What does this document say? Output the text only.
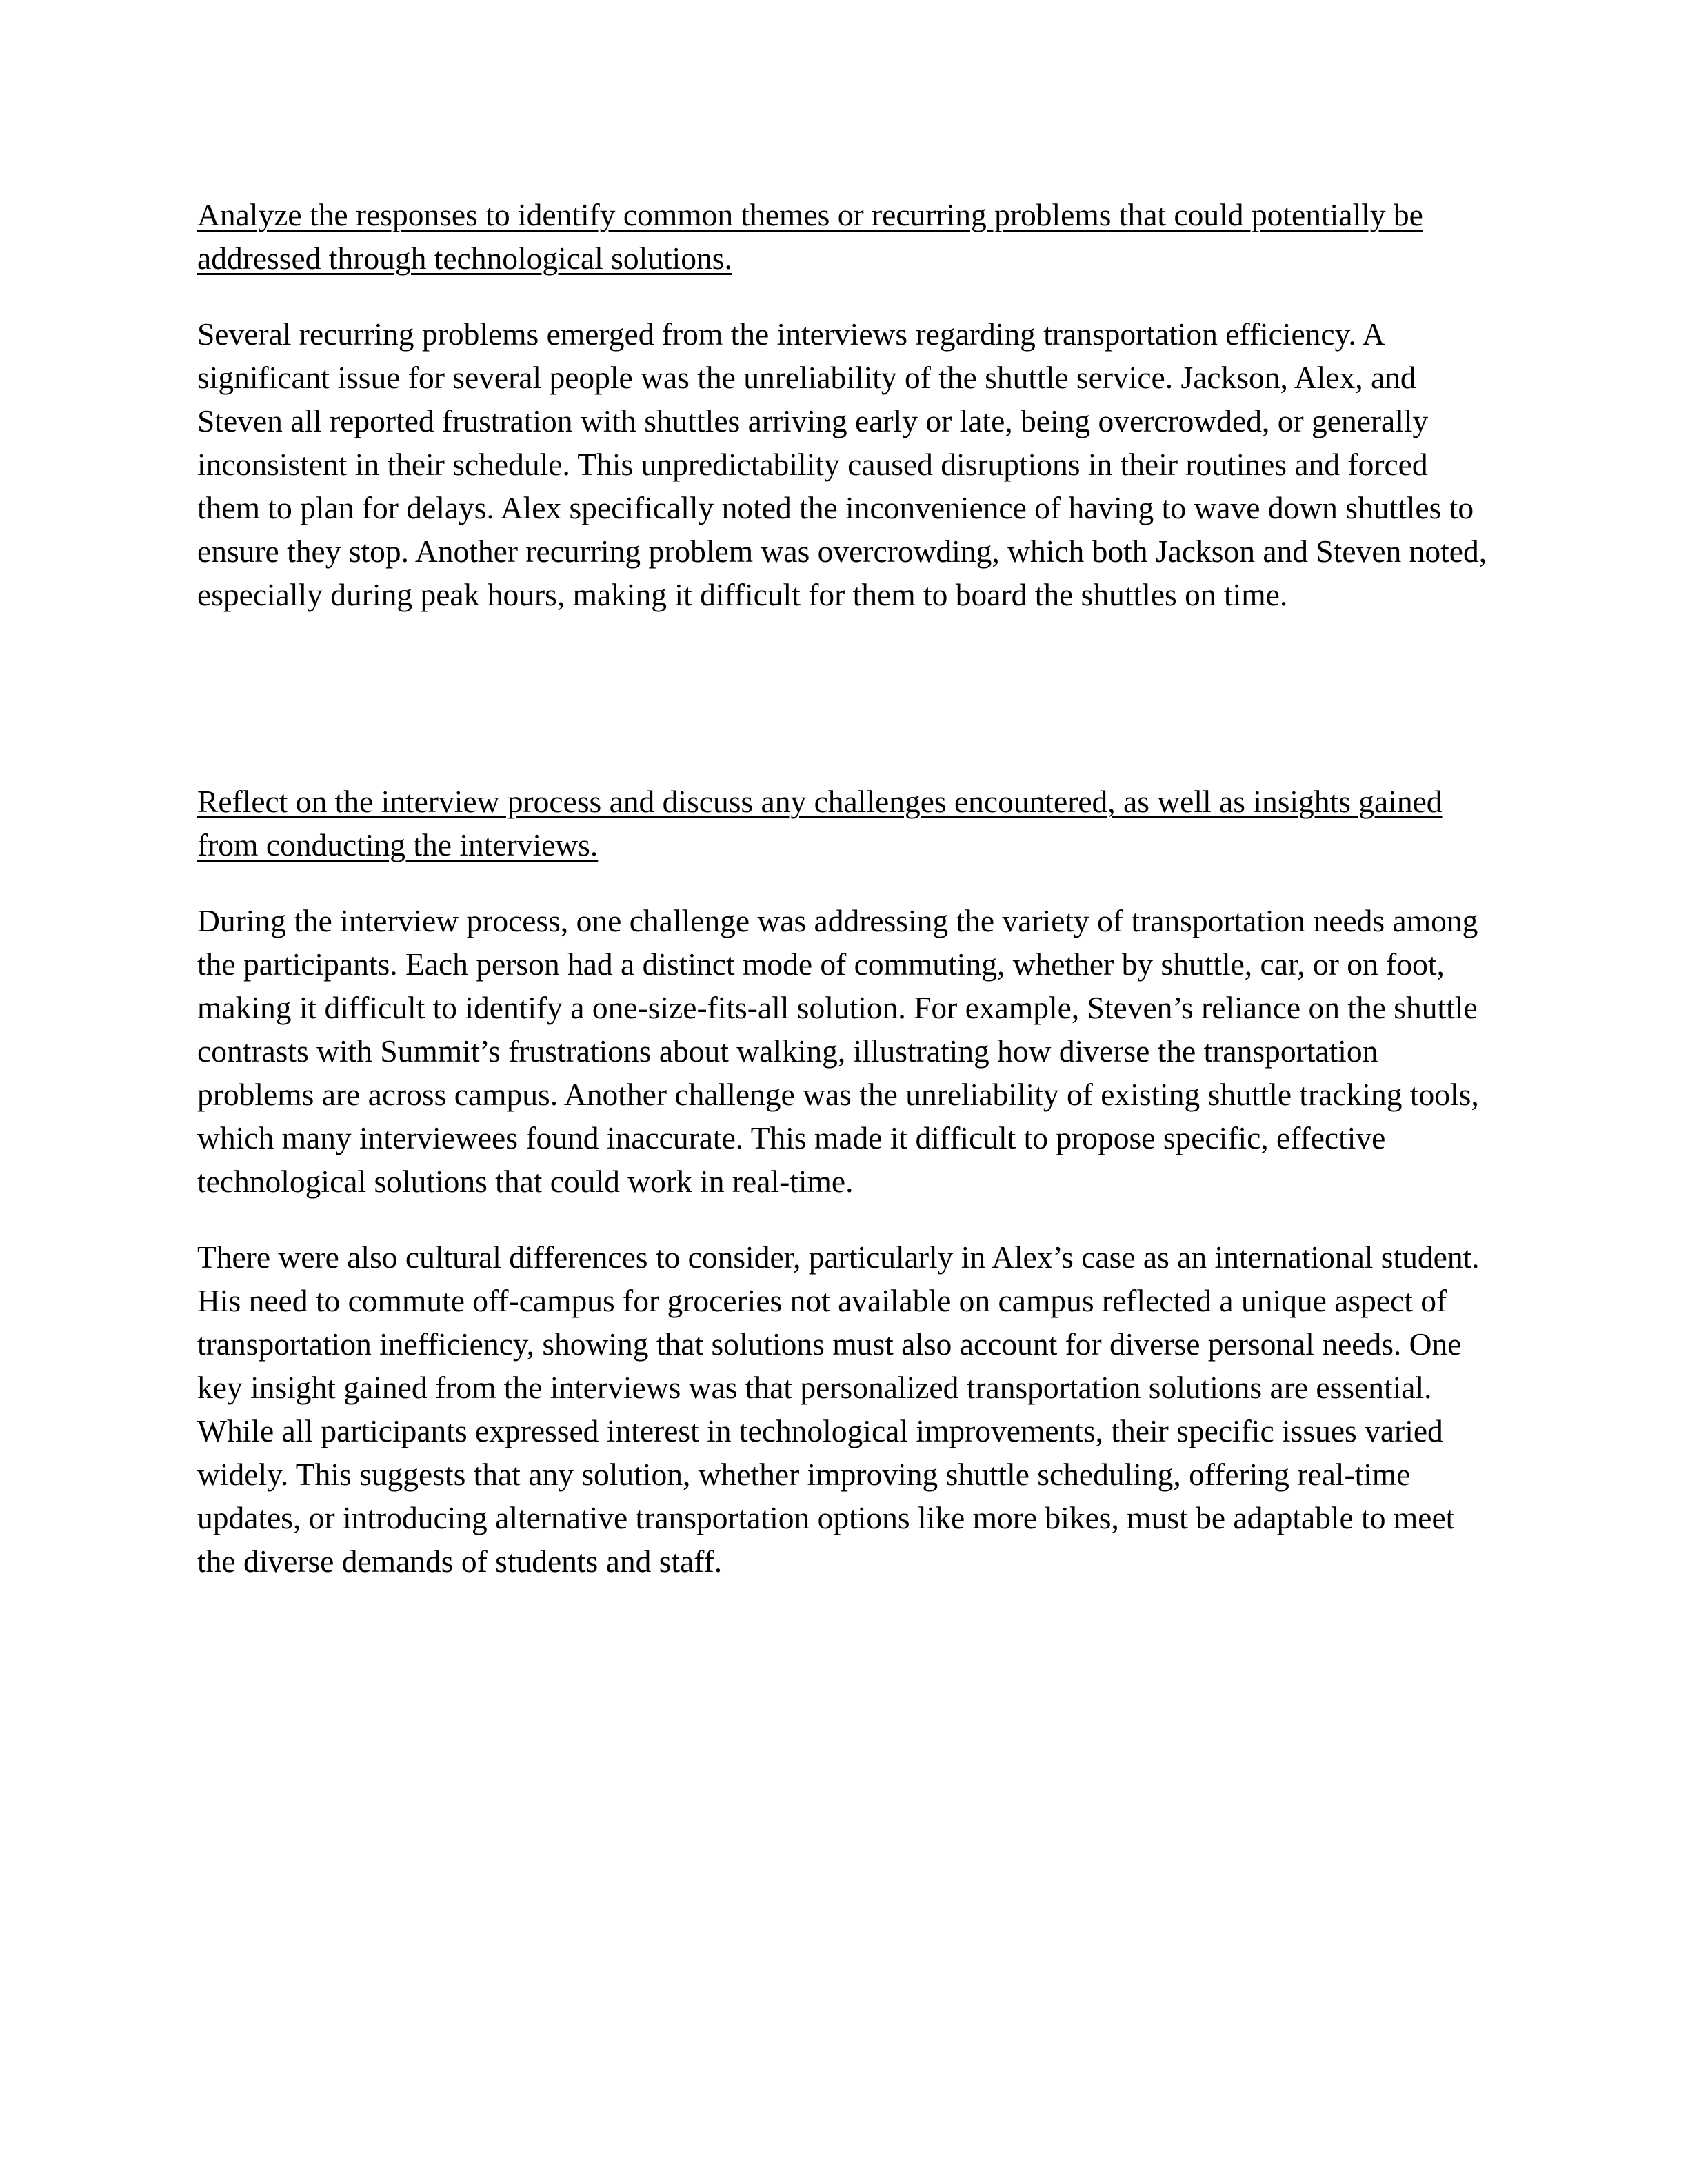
Analyze the responses to identify common themes or recurring problems that could potentially be addressed through technological solutions.

Several recurring problems emerged from the interviews regarding transportation efficiency. A significant issue for several people was the unreliability of the shuttle service. Jackson, Alex, and Steven all reported frustration with shuttles arriving early or late, being overcrowded, or generally inconsistent in their schedule. This unpredictability caused disruptions in their routines and forced them to plan for delays. Alex specifically noted the inconvenience of having to wave down shuttles to ensure they stop. Another recurring problem was overcrowding, which both Jackson and Steven noted, especially during peak hours, making it difficult for them to board the shuttles on time.

Reflect on the interview process and discuss any challenges encountered, as well as insights gained from conducting the interviews.

During the interview process, one challenge was addressing the variety of transportation needs among the participants. Each person had a distinct mode of commuting, whether by shuttle, car, or on foot, making it difficult to identify a one-size-fits-all solution. For example, Steven’s reliance on the shuttle contrasts with Summit’s frustrations about walking, illustrating how diverse the transportation problems are across campus. Another challenge was the unreliability of existing shuttle tracking tools, which many interviewees found inaccurate. This made it difficult to propose specific, effective technological solutions that could work in real-time.

There were also cultural differences to consider, particularly in Alex’s case as an international student. His need to commute off-campus for groceries not available on campus reflected a unique aspect of transportation inefficiency, showing that solutions must also account for diverse personal needs. One key insight gained from the interviews was that personalized transportation solutions are essential. While all participants expressed interest in technological improvements, their specific issues varied widely. This suggests that any solution, whether improving shuttle scheduling, offering real-time updates, or introducing alternative transportation options like more bikes, must be adaptable to meet the diverse demands of students and staff.
